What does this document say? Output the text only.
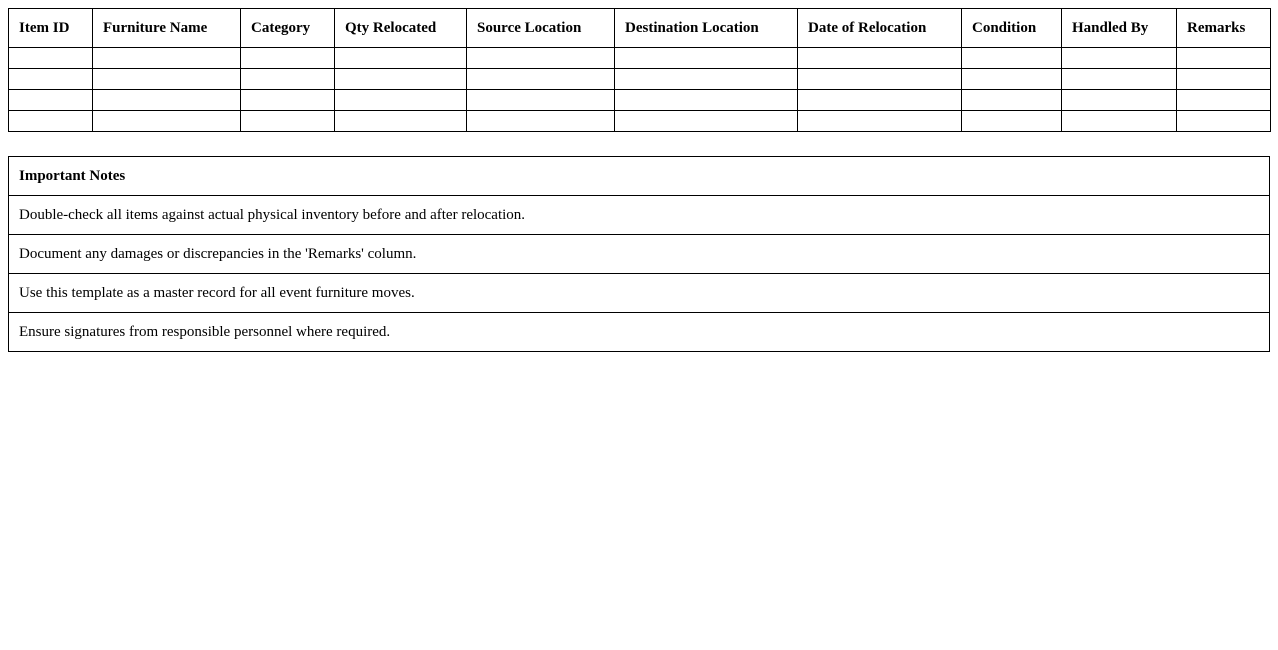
Item ID	Furniture Name	Category	Qty Relocated	Source Location	Destination Location	Date of Relocation	Condition	Handled By	Remarks

Important Notes
Double-check all items against actual physical inventory before and after relocation.
Document any damages or discrepancies in the 'Remarks' column.
Use this template as a master record for all event furniture moves.
Ensure signatures from responsible personnel where required.
